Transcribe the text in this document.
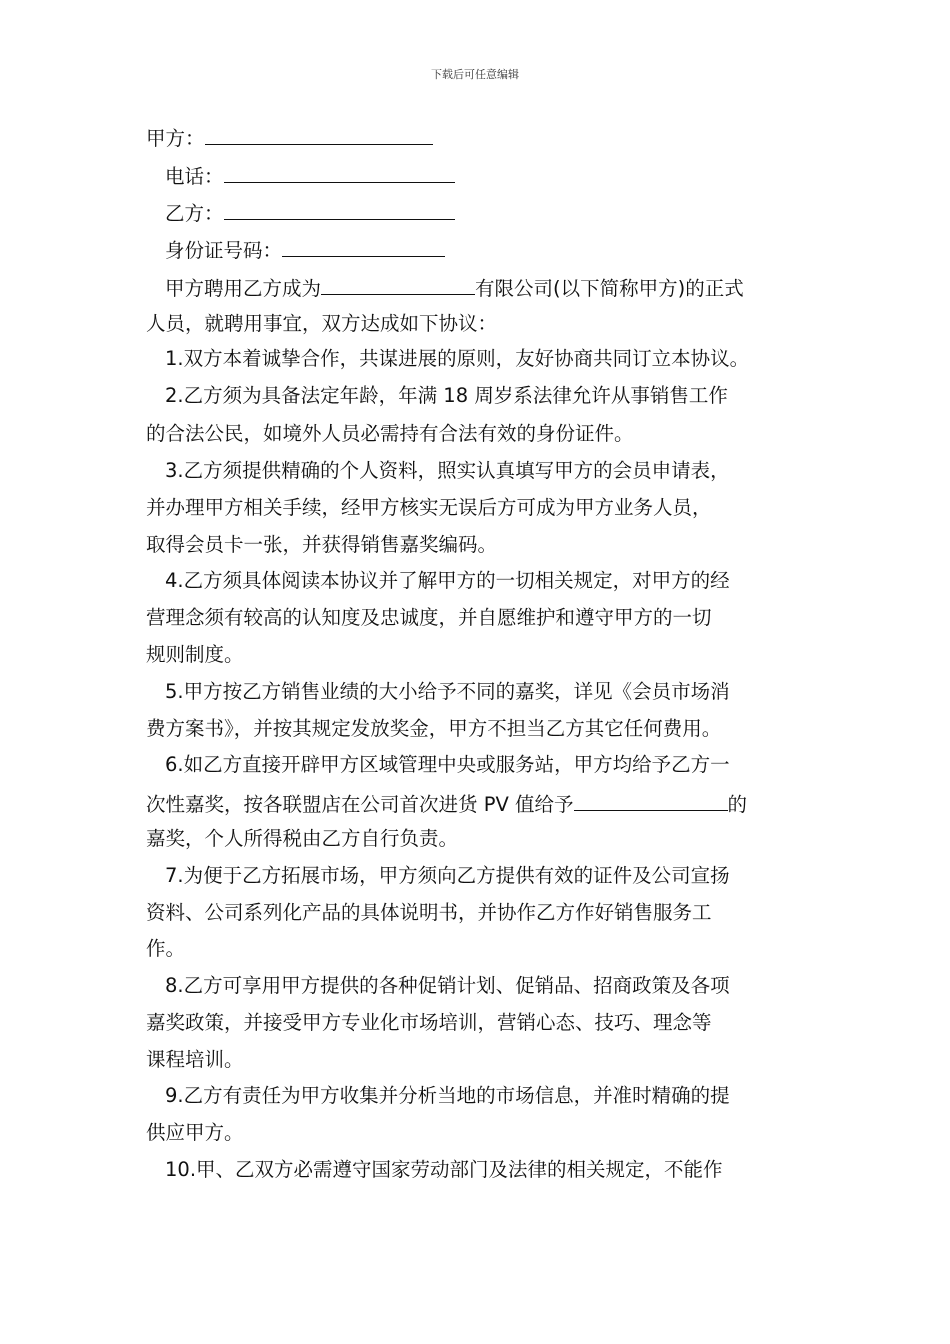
下载后可任意编辑
甲方：
电话：
乙方：
身份证号码：
甲方聘用乙方成为	有限公司(以下简称甲方)的正式
人员，就聘用事宜，双方达成如下协议：
1.双方本着诚挚合作，共谋进展的原则，友好协商共同订立本协议。
2.乙方须为具备法定年龄，年满 18 周岁系法律允许从事销售工作
的合法公民，如境外人员必需持有合法有效的身份证件。
3.乙方须提供精确的个人资料，照实认真填写甲方的会员申请表，
并办理甲方相关手续，经甲方核实无误后方可成为甲方业务人员，
取得会员卡一张，并获得销售嘉奖编码。
4.乙方须具体阅读本协议并了解甲方的一切相关规定，对甲方的经
营理念须有较高的认知度及忠诚度，并自愿维护和遵守甲方的一切
规则制度。
5.甲方按乙方销售业绩的大小给予不同的嘉奖，详见《会员市场消
费方案书》，并按其规定发放奖金，甲方不担当乙方其它任何费用。
6.如乙方直接开辟甲方区域管理中央或服务站，甲方均给予乙方一
次性嘉奖，按各联盟店在公司首次进货 PV 值给予	的
嘉奖，个人所得税由乙方自行负责。
7.为便于乙方拓展市场，甲方须向乙方提供有效的证件及公司宣扬
资料、公司系列化产品的具体说明书，并协作乙方作好销售服务工
作。
8.乙方可享用甲方提供的各种促销计划、促销品、招商政策及各项
嘉奖政策，并接受甲方专业化市场培训，营销心态、技巧、理念等
课程培训。
9.乙方有责任为甲方收集并分析当地的市场信息，并准时精确的提
供应甲方。
10.甲、乙双方必需遵守国家劳动部门及法律的相关规定，不能作
